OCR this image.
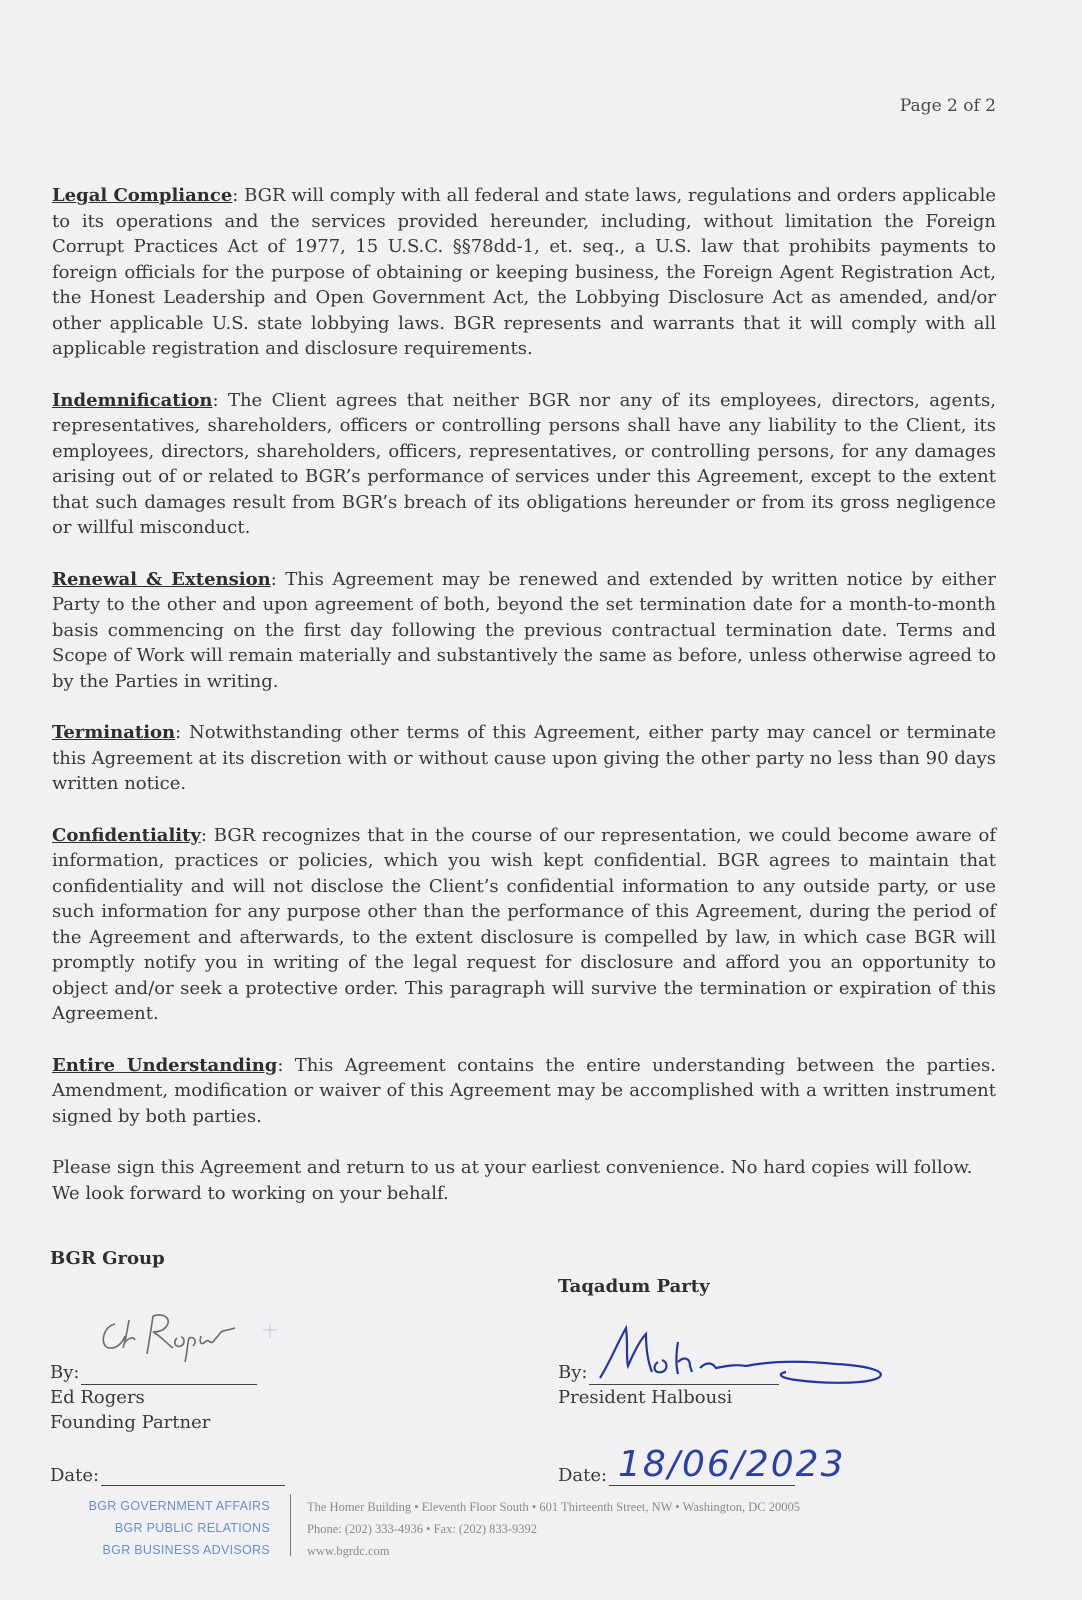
Page 2 of 2

Legal Compliance: BGR will comply with all federal and state laws, regulations and orders applicable to its operations and the services provided hereunder, including, without limitation the Foreign Corrupt Practices Act of 1977, 15 U.S.C. §§78dd-1, et. seq., a U.S. law that prohibits payments to foreign officials for the purpose of obtaining or keeping business, the Foreign Agent Registration Act, the Honest Leadership and Open Government Act, the Lobbying Disclosure Act as amended, and/or other applicable U.S. state lobbying laws. BGR represents and warrants that it will comply with all applicable registration and disclosure requirements.

Indemnification: The Client agrees that neither BGR nor any of its employees, directors, agents, representatives, shareholders, officers or controlling persons shall have any liability to the Client, its employees, directors, shareholders, officers, representatives, or controlling persons, for any damages arising out of or related to BGR’s performance of services under this Agreement, except to the extent that such damages result from BGR’s breach of its obligations hereunder or from its gross negligence or willful misconduct.

Renewal & Extension: This Agreement may be renewed and extended by written notice by either Party to the other and upon agreement of both, beyond the set termination date for a month-to-month basis commencing on the first day following the previous contractual termination date. Terms and Scope of Work will remain materially and substantively the same as before, unless otherwise agreed to by the Parties in writing.

Termination: Notwithstanding other terms of this Agreement, either party may cancel or terminate this Agreement at its discretion with or without cause upon giving the other party no less than 90 days written notice.

Confidentiality: BGR recognizes that in the course of our representation, we could become aware of information, practices or policies, which you wish kept confidential. BGR agrees to maintain that confidentiality and will not disclose the Client’s confidential information to any outside party, or use such information for any purpose other than the performance of this Agreement, during the period of the Agreement and afterwards, to the extent disclosure is compelled by law, in which case BGR will promptly notify you in writing of the legal request for disclosure and afford you an opportunity to object and/or seek a protective order. This paragraph will survive the termination or expiration of this Agreement.

Entire Understanding: This Agreement contains the entire understanding between the parties. Amendment, modification or waiver of this Agreement may be accomplished with a written instrument signed by both parties.

Please sign this Agreement and return to us at your earliest convenience. No hard copies will follow. We look forward to working on your behalf.

BGR Group
Taqadum Party
By:
Ed Rogers
Founding Partner
By:
President Halbousi
Date:	Date: 18/06/2023
BGR GOVERNMENT AFFAIRS
BGR PUBLIC RELATIONS
BGR BUSINESS ADVISORS
The Homer Building • Eleventh Floor South • 601 Thirteenth Street, NW • Washington, DC 20005
Phone: (202) 333-4936 • Fax: (202) 833-9392
www.bgrdc.com
